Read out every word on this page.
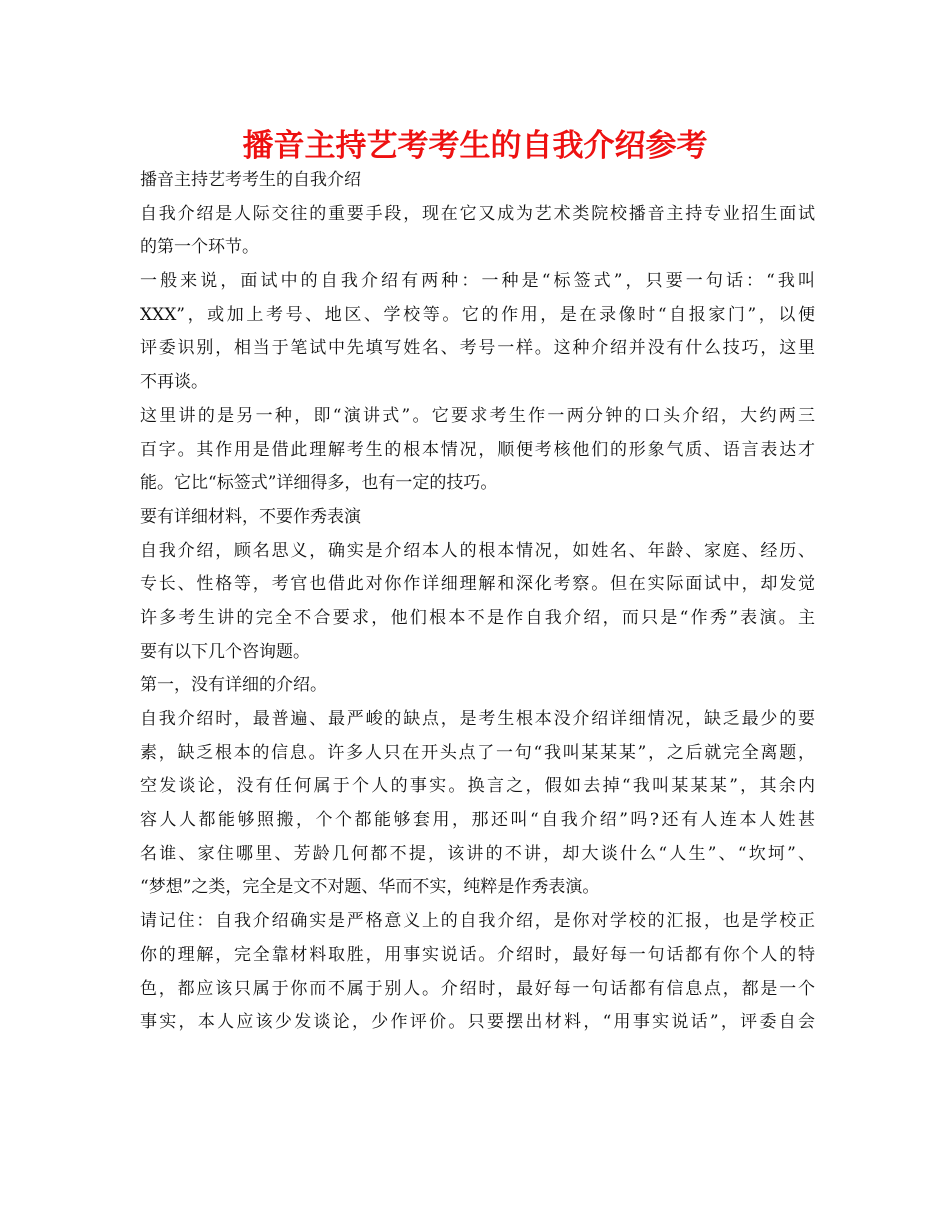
播音主持艺考考生的自我介绍参考
播音主持艺考考生的自我介绍
自我介绍是人际交往的重要手段，现在它又成为艺术类院校播音主持专业招生面试
的第一个环节。
一般来说，面试中的自我介绍有两种：一种是“标签式”，只要一句话：“我叫
XXX”，或加上考号、地区、学校等。它的作用，是在录像时“自报家门”，以便
评委识别，相当于笔试中先填写姓名、考号一样。这种介绍并没有什么技巧，这里
不再谈。
这里讲的是另一种，即“演讲式”。它要求考生作一两分钟的口头介绍，大约两三
百字。其作用是借此理解考生的根本情况，顺便考核他们的形象气质、语言表达才
能。它比“标签式”详细得多，也有一定的技巧。
要有详细材料，不要作秀表演
自我介绍，顾名思义，确实是介绍本人的根本情况，如姓名、年龄、家庭、经历、
专长、性格等，考官也借此对你作详细理解和深化考察。但在实际面试中，却发觉
许多考生讲的完全不合要求，他们根本不是作自我介绍，而只是“作秀”表演。主
要有以下几个咨询题。
第一，没有详细的介绍。
自我介绍时，最普遍、最严峻的缺点，是考生根本没介绍详细情况，缺乏最少的要
素，缺乏根本的信息。许多人只在开头点了一句“我叫某某某”，之后就完全离题，
空发谈论，没有任何属于个人的事实。换言之，假如去掉“我叫某某某”，其余内
容人人都能够照搬，个个都能够套用，那还叫“自我介绍”吗?还有人连本人姓甚
名谁、家住哪里、芳龄几何都不提，该讲的不讲，却大谈什么“人生”、“坎坷”、
“梦想”之类，完全是文不对题、华而不实，纯粹是作秀表演。
请记住：自我介绍确实是严格意义上的自我介绍，是你对学校的汇报，也是学校正
你的理解，完全靠材料取胜，用事实说话。介绍时，最好每一句话都有你个人的特
色，都应该只属于你而不属于别人。介绍时，最好每一句话都有信息点，都是一个
事实，本人应该少发谈论，少作评价。只要摆出材料，“用事实说话”，评委自会
